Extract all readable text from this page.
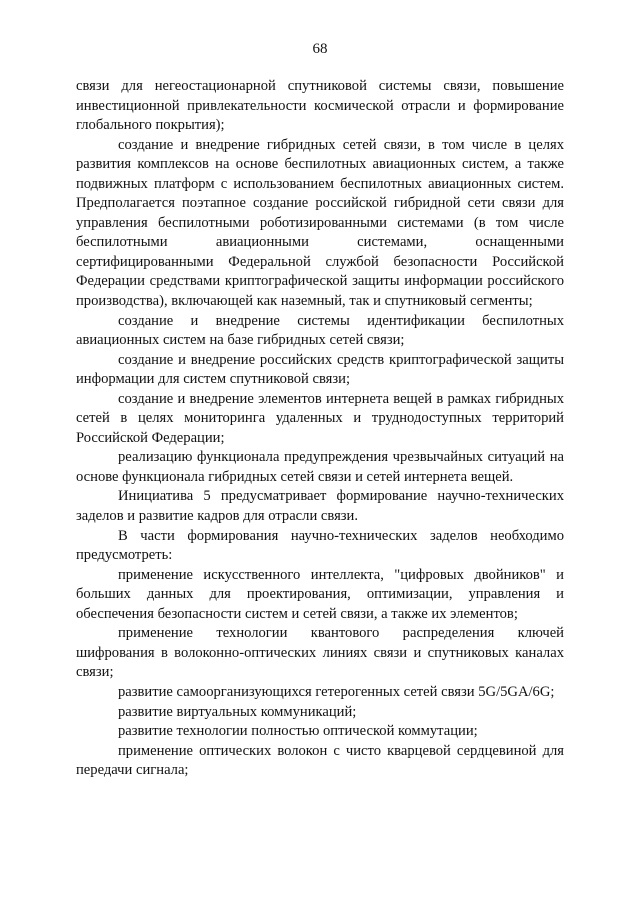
68

связи для негеостационарной спутниковой системы связи, повышение инвестиционной привлекательности космической отрасли и формирование глобального покрытия);

создание и внедрение гибридных сетей связи, в том числе в целях развития комплексов на основе беспилотных авиационных систем, а также подвижных платформ с использованием беспилотных авиационных систем. Предполагается поэтапное создание российской гибридной сети связи для управления беспилотными роботизированными системами (в том числе беспилотными авиационными системами, оснащенными сертифицированными Федеральной службой безопасности Российской Федерации средствами криптографической защиты информации российского производства), включающей как наземный, так и спутниковый сегменты;

создание и внедрение системы идентификации беспилотных авиационных систем на базе гибридных сетей связи;

создание и внедрение российских средств криптографической защиты информации для систем спутниковой связи;

создание и внедрение элементов интернета вещей в рамках гибридных сетей в целях мониторинга удаленных и труднодоступных территорий Российской Федерации;

реализацию функционала предупреждения чрезвычайных ситуаций на основе функционала гибридных сетей связи и сетей интернета вещей.

Инициатива 5 предусматривает формирование научно-технических заделов и развитие кадров для отрасли связи.

В части формирования научно-технических заделов необходимо предусмотреть:

применение искусственного интеллекта, "цифровых двойников" и больших данных для проектирования, оптимизации, управления и обеспечения безопасности систем и сетей связи, а также их элементов;

применение технологии квантового распределения ключей шифрования в волоконно-оптических линиях связи и спутниковых каналах связи;

развитие самоорганизующихся гетерогенных сетей связи 5G/5GA/6G;

развитие виртуальных коммуникаций;

развитие технологии полностью оптической коммутации;

применение оптических волокон с чисто кварцевой сердцевиной для передачи сигнала;
